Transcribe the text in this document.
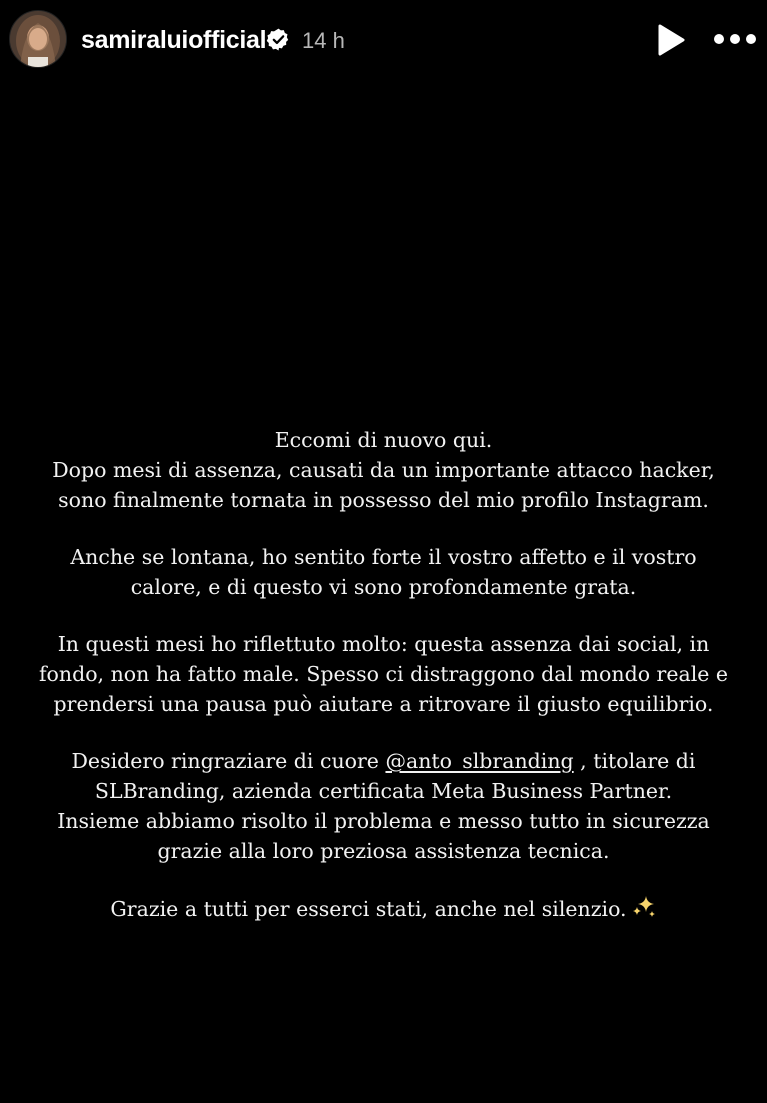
samiraluiofficial 14 h

Eccomi di nuovo qui.
Dopo mesi di assenza, causati da un importante attacco hacker,
sono finalmente tornata in possesso del mio profilo Instagram.

Anche se lontana, ho sentito forte il vostro affetto e il vostro
calore, e di questo vi sono profondamente grata.

In questi mesi ho riflettuto molto: questa assenza dai social, in
fondo, non ha fatto male. Spesso ci distraggono dal mondo reale e
prendersi una pausa può aiutare a ritrovare il giusto equilibrio.

Desidero ringraziare di cuore @anto_slbranding , titolare di
SLBranding, azienda certificata Meta Business Partner.
Insieme abbiamo risolto il problema e messo tutto in sicurezza
grazie alla loro preziosa assistenza tecnica.

Grazie a tutti per esserci stati, anche nel silenzio.
